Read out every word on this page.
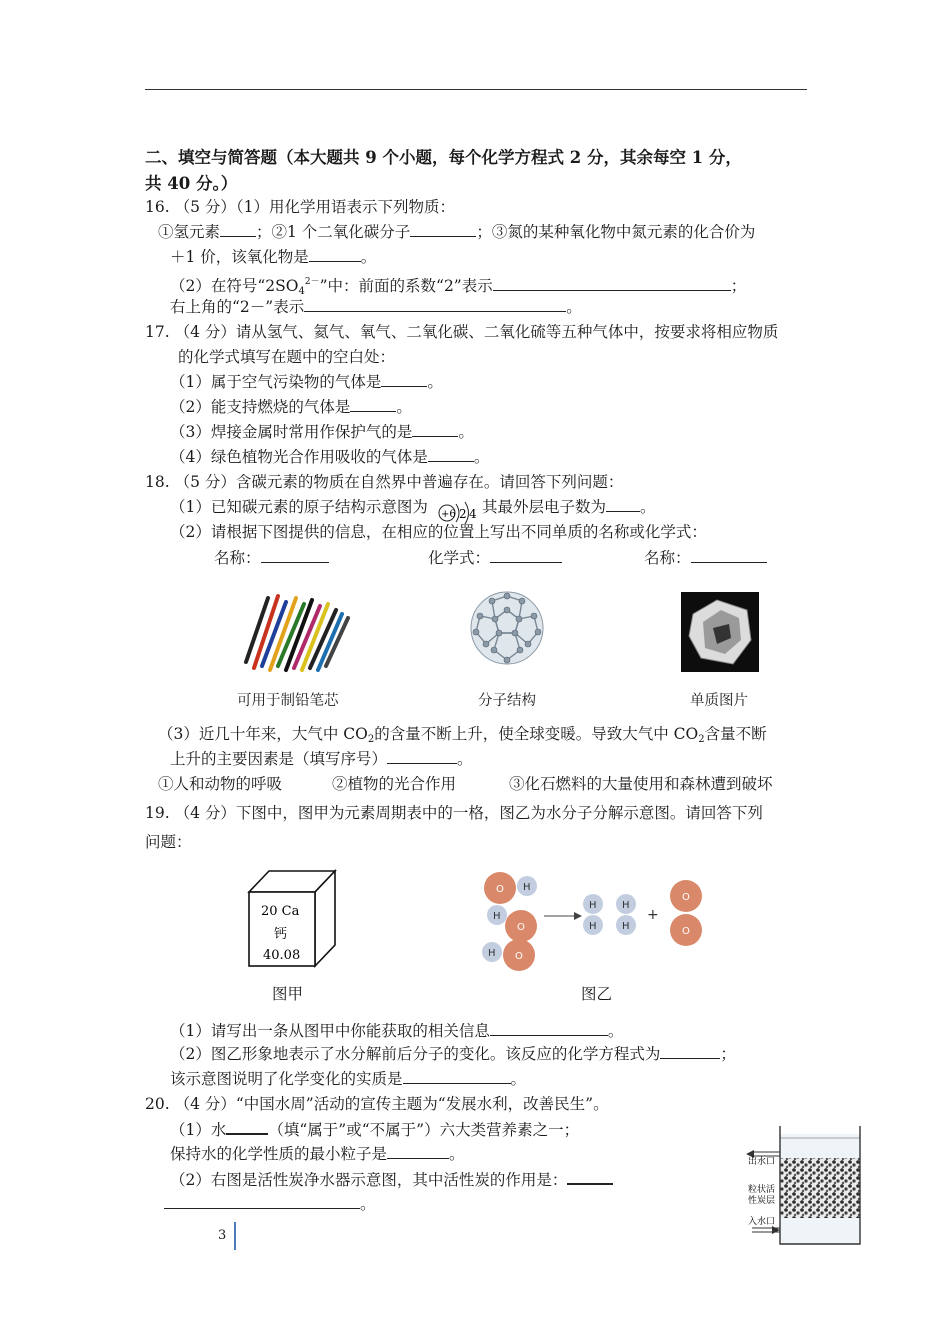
二、填空与简答题（本大题共 9 个小题，每个化学方程式 2 分，其余每空 1 分，
共 40 分。）
16. （5 分）（1）用化学用语表示下列物质：
①氢元素 ；②1 个二氧化碳分子	；③氮的某种氧化物中氮元素的化合价为
＋1 价，该氧化物是	。
（2）在符号“$2SO_4^{2-}$”中：前面的系数“2”表示	；
右上角的“2－”表示	。
17. （4 分）请从氢气、氦气、氧气、二氧化碳、二氧化硫等五种气体中，按要求将相应物质
的化学式填写在题中的空白处：
（1）属于空气污染物的气体是	。
（2）能支持燃烧的气体是	。
（3）焊接金属时常用作保护气的是	。
（4）绿色植物光合作用吸收的气体是	。
18. （5 分）含碳元素的物质在自然界中普遍存在。请回答下列问题：
（1）已知碳元素的原子结构示意图为 +6 2 4 其最外层电子数为 。
（2）请根据下图提供的信息，在相应的位置上写出不同单质的名称或化学式：
名称：	化学式：	名称：
可用于制铅笔芯	分子结构	单质图片
（3）近几十年来，大气中 $CO_2$的含量不断上升，使全球变暖。导致大气中 $CO_2$含量不断
上升的主要因素是（填写序号）	。
①人和动物的呼吸	②植物的光合作用	③化石燃料的大量使用和森林遭到破坏
19. （4 分）下图中，图甲为元素周期表中的一格，图乙为水分子分解示意图。请回答下列
问题：
20 Ca
钙
40.08
O H
H
O
H O
H
H
H
H
+
O
O
图甲	图乙
（1）请写出一条从图甲中你能获取的相关信息	。
（2）图乙形象地表示了水分解前后分子的变化。该反应的化学方程式为	；
该示意图说明了化学变化的实质是	。
20. （4 分）“中国水周”活动的宣传主题为“发展水利，改善民生”。
（1）水	（填“属于”或“不属于”）六大类营养素之一；
保持水的化学性质的最小粒子是	。
（2）右图是活性炭净水器示意图，其中活性炭的作用是：
。
出水口
粒状活
性炭层
入水口
3
